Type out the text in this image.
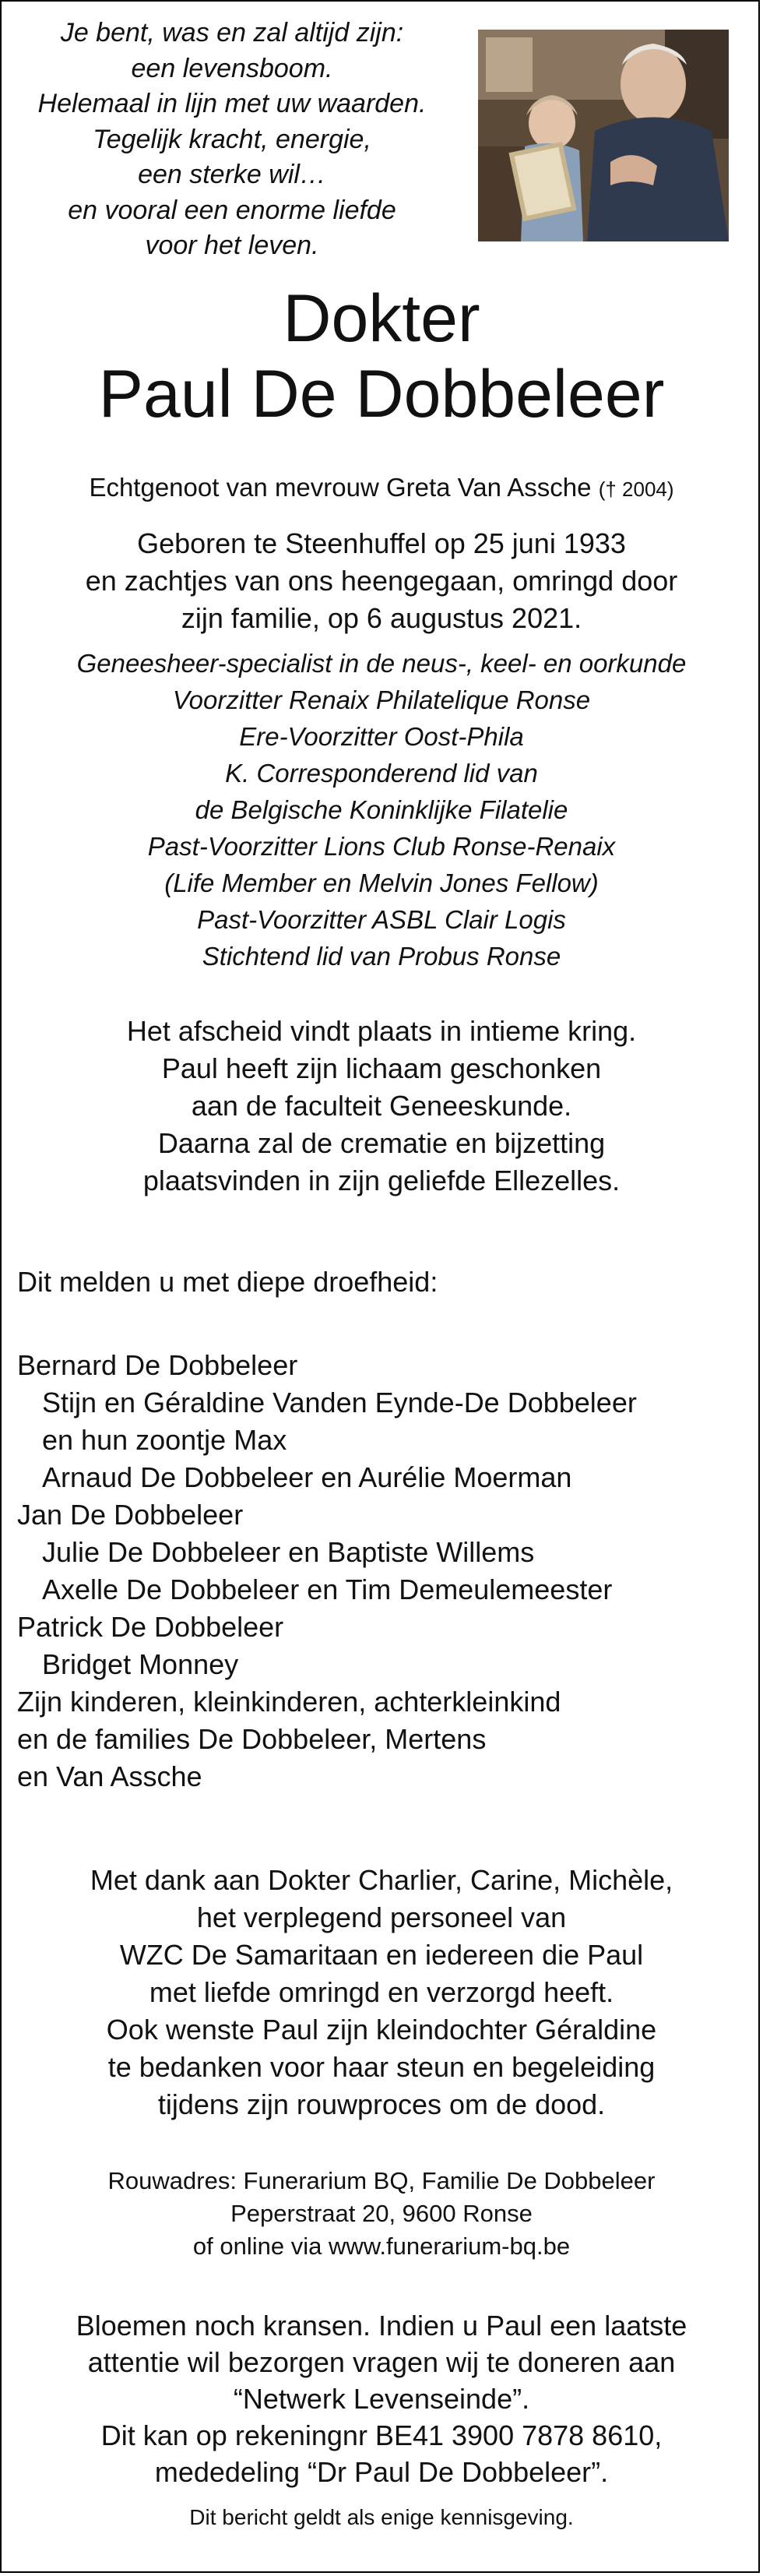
Je bent, was en zal altijd zijn:
een levensboom.
Helemaal in lijn met uw waarden.
Tegelijk kracht, energie,
een sterke wil…
en vooral een enorme liefde
voor het leven.
Dokter
Paul De Dobbeleer
Echtgenoot van mevrouw Greta Van Assche († 2004)
Geboren te Steenhuffel op 25 juni 1933
en zachtjes van ons heengegaan, omringd door
zijn familie, op 6 augustus 2021.
Geneesheer-specialist in de neus-, keel- en oorkunde
Voorzitter Renaix Philatelique Ronse
Ere-Voorzitter Oost-Phila
K. Corresponderend lid van
de Belgische Koninklijke Filatelie
Past-Voorzitter Lions Club Ronse-Renaix
(Life Member en Melvin Jones Fellow)
Past-Voorzitter ASBL Clair Logis
Stichtend lid van Probus Ronse
Het afscheid vindt plaats in intieme kring.
Paul heeft zijn lichaam geschonken
aan de faculteit Geneeskunde.
Daarna zal de crematie en bijzetting
plaatsvinden in zijn geliefde Ellezelles.
Dit melden u met diepe droefheid:
Bernard De Dobbeleer
Stijn en Géraldine Vanden Eynde-De Dobbeleer
en hun zoontje Max
Arnaud De Dobbeleer en Aurélie Moerman
Jan De Dobbeleer
Julie De Dobbeleer en Baptiste Willems
Axelle De Dobbeleer en Tim Demeulemeester
Patrick De Dobbeleer
Bridget Monney
Zijn kinderen, kleinkinderen, achterkleinkind
en de families De Dobbeleer, Mertens
en Van Assche
Met dank aan Dokter Charlier, Carine, Michèle,
het verplegend personeel van
WZC De Samaritaan en iedereen die Paul
met liefde omringd en verzorgd heeft.
Ook wenste Paul zijn kleindochter Géraldine
te bedanken voor haar steun en begeleiding
tijdens zijn rouwproces om de dood.
Rouwadres: Funerarium BQ, Familie De Dobbeleer
Peperstraat 20, 9600 Ronse
of online via www.funerarium-bq.be
Bloemen noch kransen. Indien u Paul een laatste
attentie wil bezorgen vragen wij te doneren aan
“Netwerk Levenseinde”.
Dit kan op rekeningnr BE41 3900 7878 8610,
mededeling “Dr Paul De Dobbeleer”.
Dit bericht geldt als enige kennisgeving.
